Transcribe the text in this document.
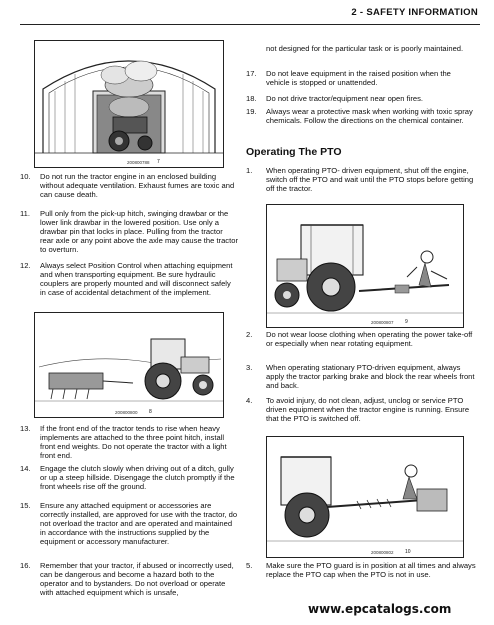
2 - SAFETY INFORMATION
200800788 7
10. Do not run the tractor engine in an enclosed building without adequate ventilation. Exhaust fumes are toxic and can cause death.
11. Pull only from the pick-up hitch, swinging drawbar or the lower link drawbar in the lowered position. Use only a drawbar pin that locks in place. Pulling from the tractor rear axle or any point above the axle may cause the tractor to overturn.
12. Always select Position Control when attaching equipment and when transporting equipment. Be sure hydraulic couplers are properly mounted and will disconnect safely in case of accidental detachment of the implement.
200800800 8
13. If the front end of the tractor tends to rise when heavy implements are attached to the three point hitch, install front end weights. Do not operate the tractor with a light front end.
14. Engage the clutch slowly when driving out of a ditch, gully or up a steep hillside. Disengage the clutch promptly if the front wheels rise off the ground.
15. Ensure any attached equipment or accessories are correctly installed, are approved for use with the tractor, do not overload the tractor and are operated and maintained in accordance with the instructions supplied by the equipment or accessory manufacturer.
16. Remember that your tractor, if abused or incorrectly used, can be dangerous and become a hazard both to the operator and to bystanders. Do not overload or operate with attached equipment which is unsafe,
not designed for the particular task or is poorly maintained.
17. Do not leave equipment in the raised position when the vehicle is stopped or unattended.
18. Do not drive tractor/equipment near open fires.
19. Always wear a protective mask when working with toxic spray chemicals. Follow the directions on the chemical container.
Operating The PTO
1. When operating PTO- driven equipment, shut off the engine, switch off the PTO and wait until the PTO stops before getting off the tractor.
200800807 9
2. Do not wear loose clothing when operating the power take-off or especially when near rotating equipment.
3. When operating stationary PTO-driven equipment, always apply the tractor parking brake and block the rear wheels front and back.
4. To avoid injury, do not clean, adjust, unclog or service PTO driven equipment when the tractor engine is running. Ensure that the PTO is switched off.
200800802 10
5. Make sure the PTO guard is in position at all times and always replace the PTO cap when the PTO is not in use.
www.epcatalogs.com
